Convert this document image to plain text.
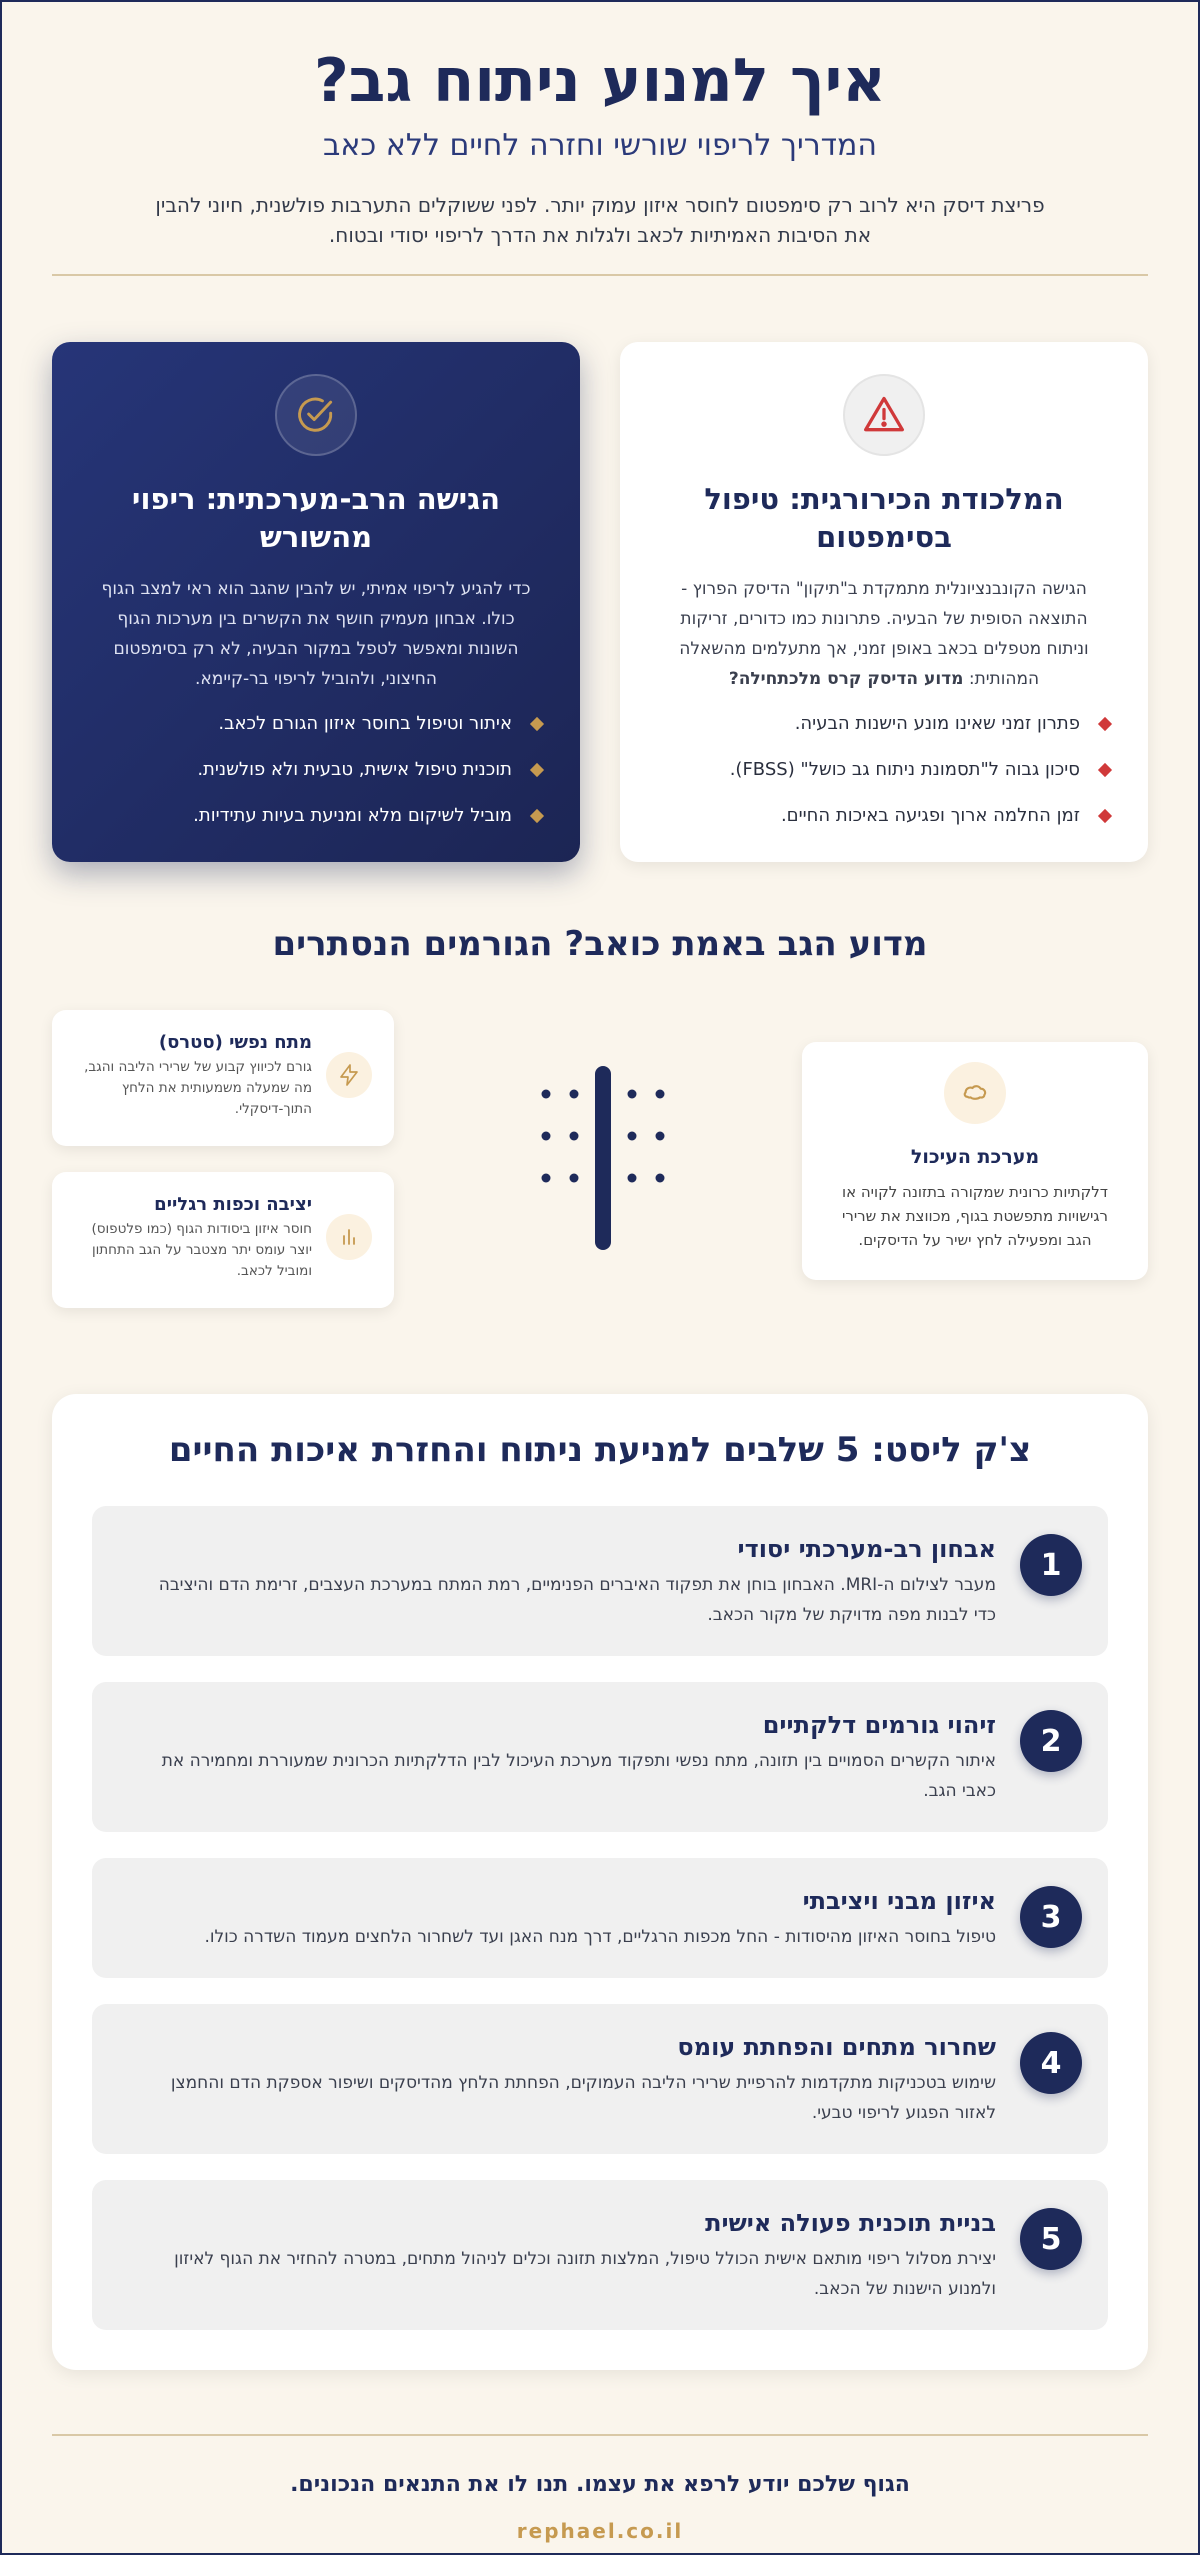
איך למנוע ניתוח גב?
המדריך לריפוי שורשי וחזרה לחיים ללא כאב
פריצת דיסק היא לרוב רק סימפטום לחוסר איזון עמוק יותר. לפני ששוקלים התערבות פולשנית, חיוני להבין
את הסיבות האמיתיות לכאב ולגלות את הדרך לריפוי יסודי ובטוח.
המלכודת הכירורגית: טיפול בסימפטום

הגישה הקונבנציונלית מתמקדת ב"תיקון" הדיסק הפרוץ - התוצאה הסופית של הבעיה. פתרונות כמו כדורים, זריקות וניתוח מטפלים בכאב באופן זמני, אך מתעלמים מהשאלה המהותית: מדוע הדיסק קרס מלכתחילה?

פתרון זמני שאינו מונע הישנות הבעיה.
סיכון גבוה ל"תסמונת ניתוח גב כושל" (FBSS).
זמן החלמה ארוך ופגיעה באיכות החיים.
הגישה הרב-מערכתית: ריפוי מהשורש

כדי להגיע לריפוי אמיתי, יש להבין שהגב הוא ראי למצב הגוף כולו. אבחון מעמיק חושף את הקשרים בין מערכות הגוף השונות ומאפשר לטפל במקור הבעיה, לא רק בסימפטום החיצוני, ולהוביל לריפוי בר-קיימא.

איתור וטיפול בחוסר איזון הגורם לכאב.
תוכנית טיפול אישית, טבעית ולא פולשנית.
מוביל לשיקום מלא ומניעת בעיות עתידיות.
מדוע הגב באמת כואב? הגורמים הנסתרים
מערכת העיכול

דלקתיות כרונית שמקורה בתזונה לקויה או רגישויות מתפשטת בגוף, מכווצת את שרירי הגב ומפעילה לחץ ישיר על הדיסקים.

מתח נפשי (סטרס)

גורם לכיווץ קבוע של שרירי הליבה והגב, מה שמעלה משמעותית את הלחץ התוך-דיסקלי.

יציבה וכפות רגליים

חוסר איזון ביסודות הגוף (כמו פלטפוס) יוצר עומס יתר מצטבר על הגב התחתון ומוביל לכאב.

צ'ק ליסט: 5 שלבים למניעת ניתוח והחזרת איכות החיים
1
אבחון רב-מערכתי יסודי

מעבר לצילום ה-MRI. האבחון בוחן את תפקוד האיברים הפנימיים, רמת המתח במערכת העצבים, זרימת הדם והיציבה כדי לבנות מפה מדויקת של מקור הכאב.

2
זיהוי גורמים דלקתיים

איתור הקשרים הסמויים בין תזונה, מתח נפשי ותפקוד מערכת העיכול לבין הדלקתיות הכרונית שמעוררת ומחמירה את כאבי הגב.

3
איזון מבני ויציבתי

טיפול בחוסר האיזון מהיסודות - החל מכפות הרגליים, דרך מנח האגן ועד לשחרור הלחצים מעמוד השדרה כולו.

4
שחרור מתחים והפחתת עומס

שימוש בטכניקות מתקדמות להרפיית שרירי הליבה העמוקים, הפחתת הלחץ מהדיסקים ושיפור אספקת הדם והחמצן לאזור הפגוע לריפוי טבעי.

5
בניית תוכנית פעולה אישית

יצירת מסלול ריפוי מותאם אישית הכולל טיפול, המלצות תזונה וכלים לניהול מתחים, במטרה להחזיר את הגוף לאיזון ולמנוע הישנות של הכאב.

הגוף שלכם יודע לרפא את עצמו. תנו לו את התנאים הנכונים.
rephael.co.il
